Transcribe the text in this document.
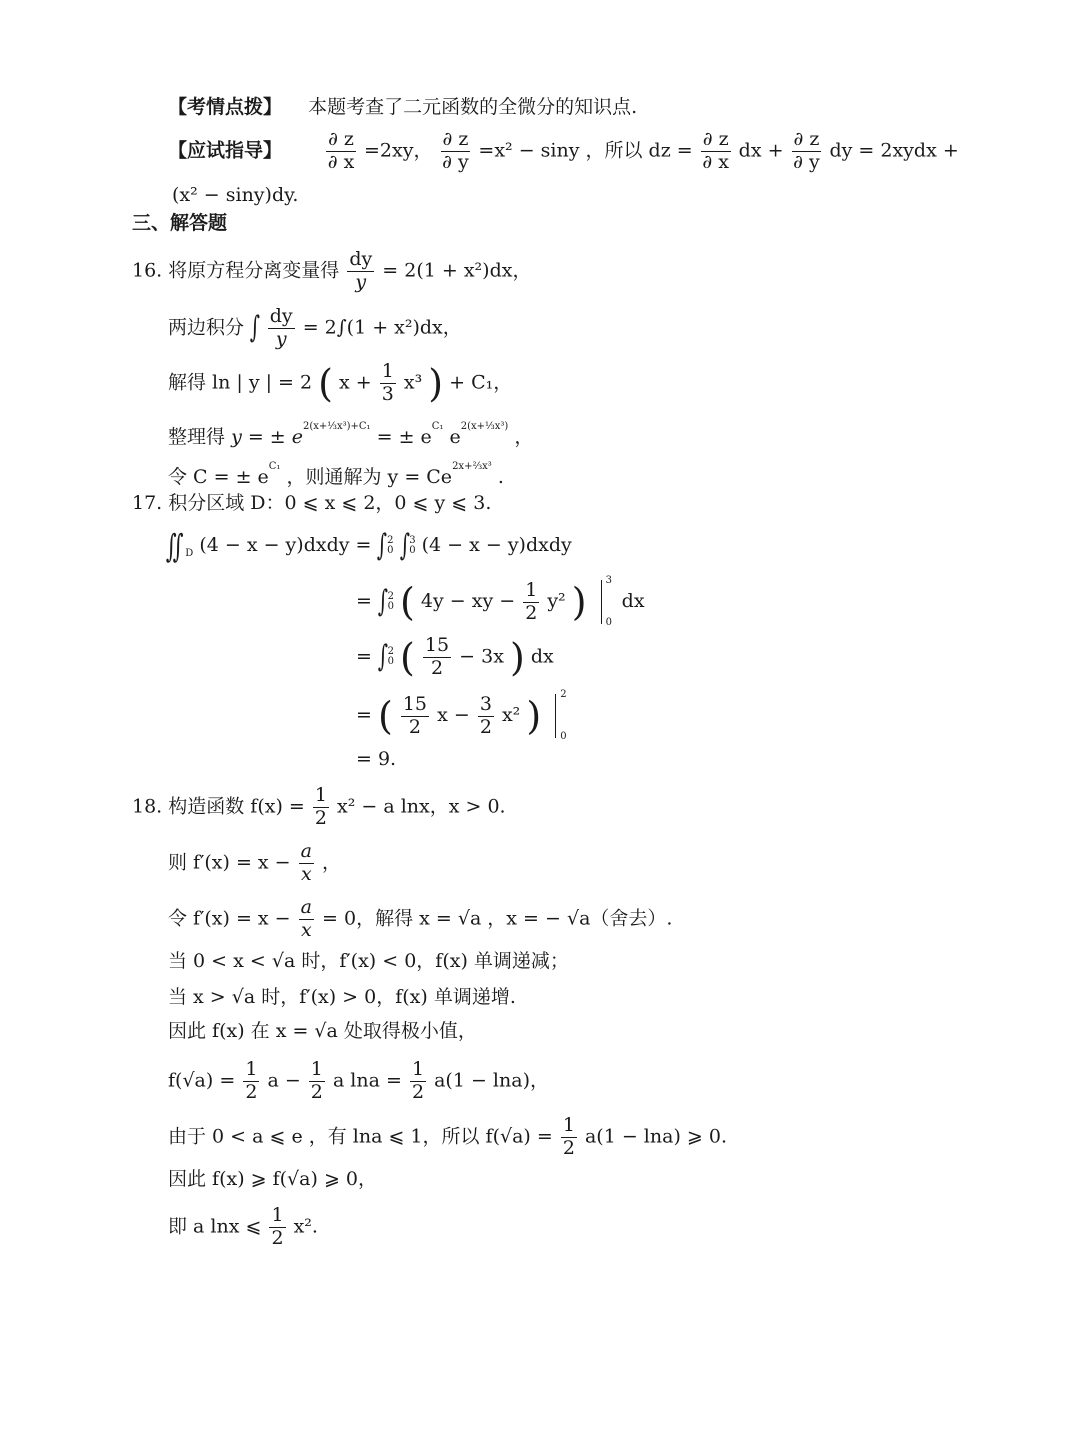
【考情点拨】 本题考查了二元函数的全微分的知识点.
【应试指导】 $\frac{\partial z}{\partial x} =2xy$， $\frac{\partial z}{\partial y} =x^2 - \sin y$ ，所以 dz = $\frac{\partial z}{\partial x}$ dx + $\frac{\partial z}{\partial y}$ dy = 2xydx +
(x² − siny)dy.
三、解答题
16. 将原方程分离变量得 $\frac{dy}{y} = 2(1 + x^2)dx$，
两边积分 ∫ $\frac{dy}{y} = 2\int(1 + x^2)dx$，
解得 ln | y | = 2 ( $x + \frac{1}{3} x^3$ ) + C₁，
整理得 y = ± $e^{2(x+\frac{1}{3}x^3)+C_1}$ = ± $e^{C_1}$ $e^{2(x+\frac{1}{3}x^3)}$ ，
令 C = ± $e^{C_1}$ ，则通解为 $y = Ce^{2x+\frac{2}{3}x^3}$ .
17. 积分区域 D：0 ⩽ x ⩽ 2，0 ⩽ y ⩽ 3.
∬ $_D$ (4 − x − y)dxdy = ∫ 2
0 ∫ 3
0 (4 − x − y)dxdy
= ∫ 2
0 ( 4y − xy − $\frac{1}{2} y^2$ ) 3
0
dx
= ∫ 2
0 ( $\frac{15}{2} - 3x$ ) dx
= ( $\frac{15}{2}$ $x - \frac{3}{2} x^2$ ) 2
0
= 9.
18. 构造函数 $f(x) = \frac{1}{2} x^2 - a$ lnx，x > 0.
则 $f'(x) = x - \frac{a}{x}$ ，
令 $f'(x) = x - \frac{a}{x} = 0$，解得 x = √a ，x = − √a（舍去）.
当 0 < x < √a 时，f′(x) < 0，f(x) 单调递减；
当 x > √a 时，f′(x) > 0，f(x) 单调递增.
因此 f(x) 在 x = √a 处取得极小值，
$f(√a) = \frac{1}{2}$ $a - \frac{1}{2}$ a $\ln a = \frac{1}{2} a(1 - \ln a)$，
由于 0 < a ⩽ e ，有 lna ⩽ 1，所以 $f(√a) = \frac{1}{2} a(1 - \ln a)$ ⩾ 0.
因此 f(x) ⩾ f(√a) ⩾ 0，
即 a lnx ⩽ $\frac{1}{2} x^2$.
